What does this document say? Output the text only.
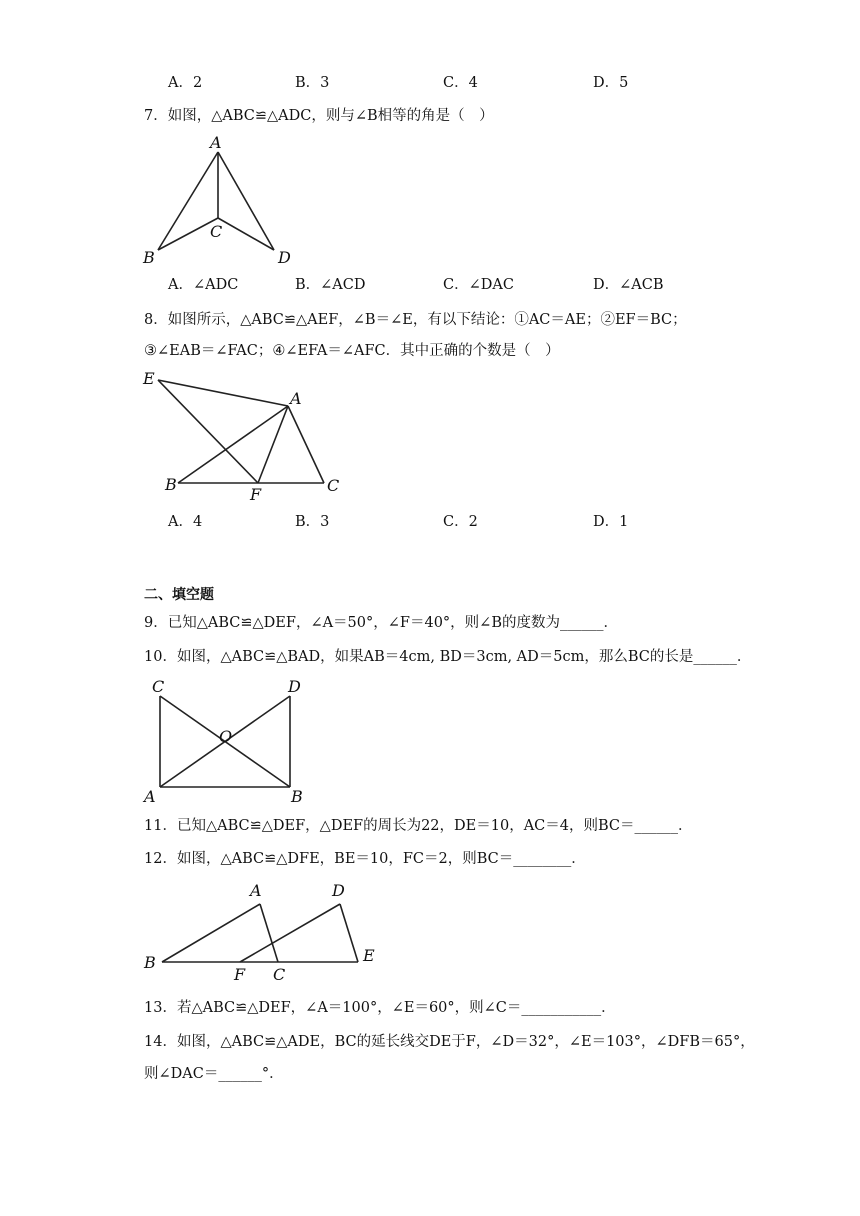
A．2	B．3	C．4	D．5
7．如图，△ABC≌△ADC，则与∠B相等的角是（　）
A
B
C
D
A．∠ADC	B．∠ACD	C．∠DAC	D．∠ACB
8．如图所示，△ABC≌△AEF，∠B＝∠E，有以下结论：①AC＝AE；②EF＝BC；
③∠EAB＝∠FAC；④∠EFA＝∠AFC．其中正确的个数是（　）
E
A
B
F	C
A．4	B．3	C．2	D．1
二、填空题
9．已知△ABC≌△DEF，∠A＝50°，∠F＝40°，则∠B的度数为______．
10．如图，△ABC≌△BAD，如果AB＝4cm, BD＝3cm, AD＝5cm，那么BC的长是______．
C	D
O
A	B
11．已知△ABC≌△DEF，△DEF的周长为22，DE＝10，AC＝4，则BC＝______．
12．如图，△ABC≌△DFE，BE＝10，FC＝2，则BC＝________．
A	D
B
F C
E
13．若△ABC≌△DEF，∠A＝100°，∠E＝60°，则∠C＝___________．
14．如图，△ABC≌△ADE，BC的延长线交DE于F，∠D＝32°，∠E＝103°，∠DFB＝65°，
则∠DAC＝______°．
